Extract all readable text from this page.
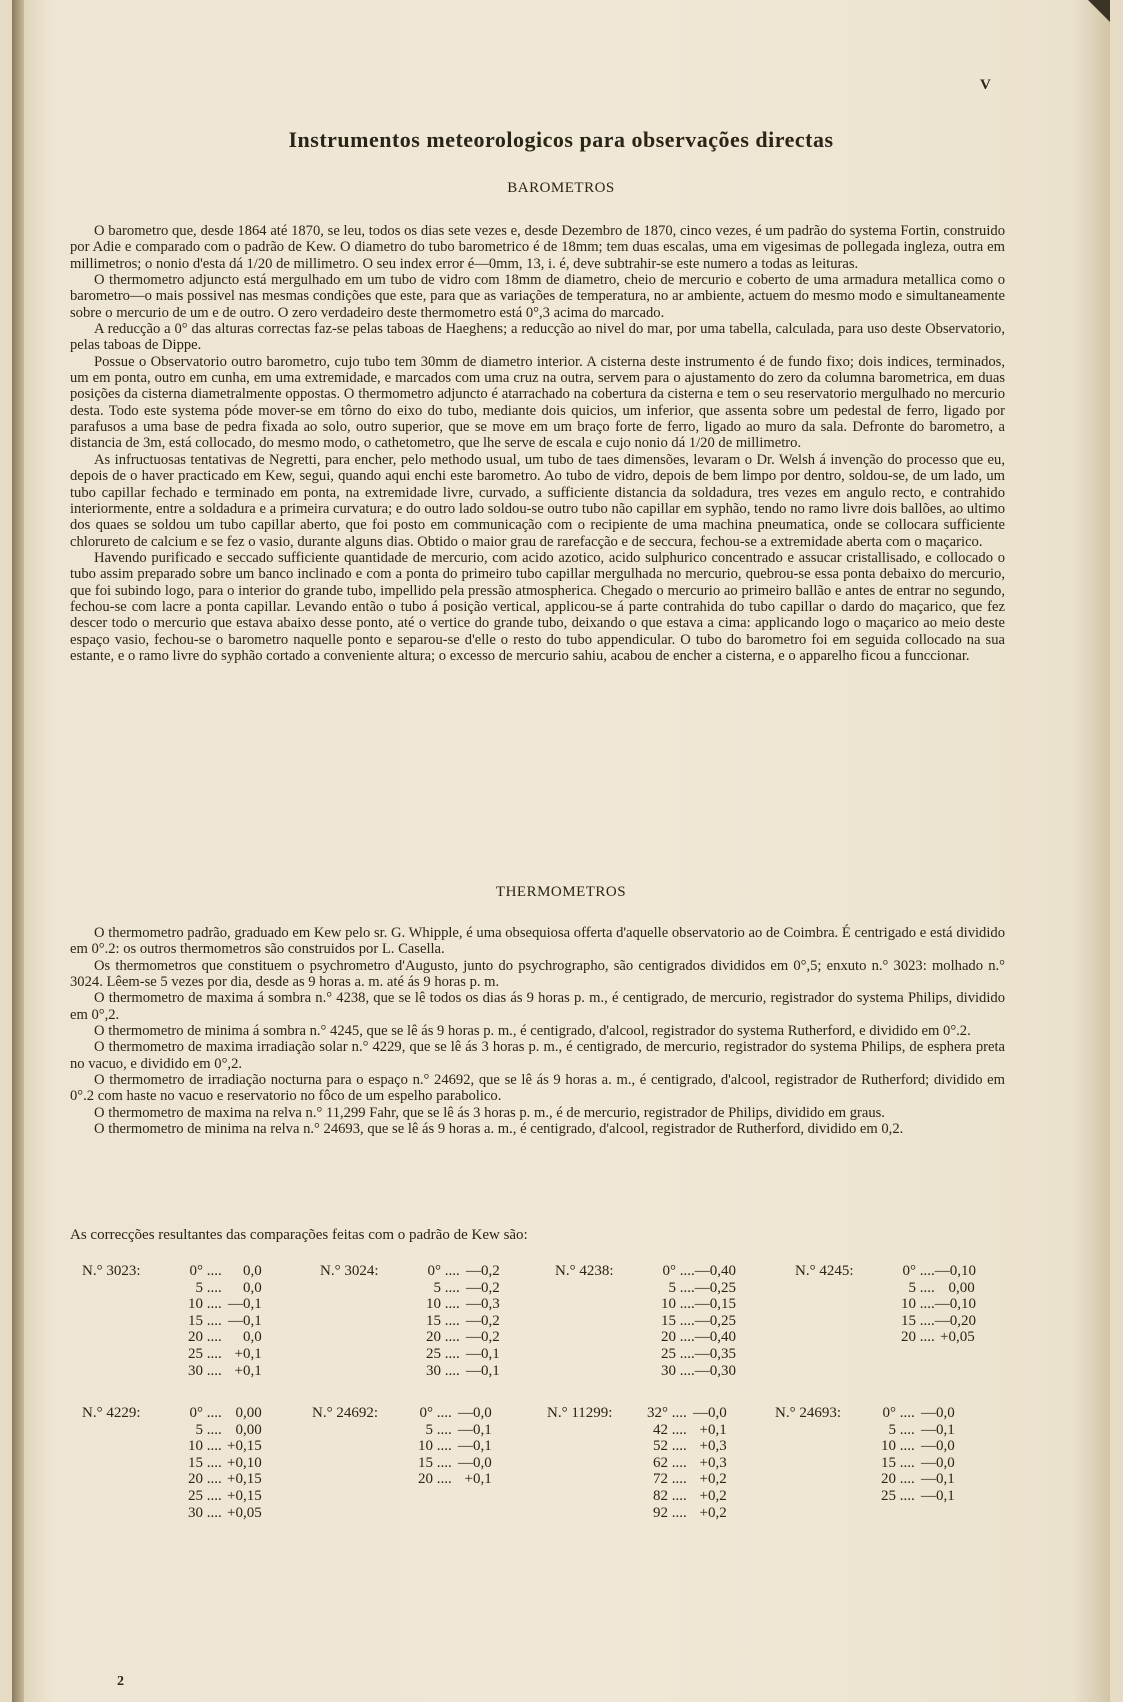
V
Instrumentos meteorologicos para observações directas
BAROMETROS

O barometro que, desde 1864 até 1870, se leu, todos os dias sete vezes e, desde Dezembro de 1870, cinco vezes, é um padrão do systema Fortin, construido por Adie e comparado com o padrão de Kew. O diametro do tubo barometrico é de 18mm; tem duas escalas, uma em vigesimas de pollegada ingleza, outra em millimetros; o nonio d'esta dá 1/20 de millimetro. O seu index error é—0mm, 13, i. é, deve subtrahir-se este numero a todas as leituras.

O thermometro adjuncto está mergulhado em um tubo de vidro com 18mm de diametro, cheio de mercurio e coberto de uma armadura metallica como o barometro—o mais possivel nas mesmas condições que este, para que as variações de temperatura, no ar ambiente, actuem do mesmo modo e simultaneamente sobre o mercurio de um e de outro. O zero verdadeiro deste thermometro está 0°,3 acima do marcado.

A reducção a 0° das alturas correctas faz-se pelas taboas de Haeghens; a reducção ao nivel do mar, por uma tabella, calculada, para uso deste Observatorio, pelas taboas de Dippe.

Possue o Observatorio outro barometro, cujo tubo tem 30mm de diametro interior. A cisterna deste instrumento é de fundo fixo; dois indices, terminados, um em ponta, outro em cunha, em uma extremidade, e marcados com uma cruz na outra, servem para o ajustamento do zero da columna barometrica, em duas posições da cisterna diametralmente oppostas. O thermometro adjuncto é atarrachado na cobertura da cisterna e tem o seu reservatorio mergulhado no mercurio desta. Todo este systema póde mover-se em tôrno do eixo do tubo, mediante dois quicios, um inferior, que assenta sobre um pedestal de ferro, ligado por parafusos a uma base de pedra fixada ao solo, outro superior, que se move em um braço forte de ferro, ligado ao muro da sala. Defronte do barometro, a distancia de 3m, está collocado, do mesmo modo, o cathetometro, que lhe serve de escala e cujo nonio dá 1/20 de millimetro.

As infructuosas tentativas de Negretti, para encher, pelo methodo usual, um tubo de taes dimensões, levaram o Dr. Welsh á invenção do processo que eu, depois de o haver practicado em Kew, segui, quando aqui enchi este barometro. Ao tubo de vidro, depois de bem limpo por dentro, soldou-se, de um lado, um tubo capillar fechado e terminado em ponta, na extremidade livre, curvado, a sufficiente distancia da soldadura, tres vezes em angulo recto, e contrahido interiormente, entre a soldadura e a primeira curvatura; e do outro lado soldou-se outro tubo não capillar em syphão, tendo no ramo livre dois ballões, ao ultimo dos quaes se soldou um tubo capillar aberto, que foi posto em communicação com o recipiente de uma machina pneumatica, onde se collocara sufficiente chlorureto de calcium e se fez o vasio, durante alguns dias. Obtido o maior grau de rarefacção e de seccura, fechou-se a extremidade aberta com o maçarico.

Havendo purificado e seccado sufficiente quantidade de mercurio, com acido azotico, acido sulphurico concentrado e assucar cristallisado, e collocado o tubo assim preparado sobre um banco inclinado e com a ponta do primeiro tubo capillar mergulhada no mercurio, quebrou-se essa ponta debaixo do mercurio, que foi subindo logo, para o interior do grande tubo, impellido pela pressão atmospherica. Chegado o mercurio ao primeiro ballão e antes de entrar no segundo, fechou-se com lacre a ponta capillar. Levando então o tubo á posição vertical, applicou-se á parte contrahida do tubo capillar o dardo do maçarico, que fez descer todo o mercurio que estava abaixo desse ponto, até o vertice do grande tubo, deixando o que estava a cima: applicando logo o maçarico ao meio deste espaço vasio, fechou-se o barometro naquelle ponto e separou-se d'elle o resto do tubo appendicular. O tubo do barometro foi em seguida collocado na sua estante, e o ramo livre do syphão cortado a conveniente altura; o excesso de mercurio sahiu, acabou de encher a cisterna, e o apparelho ficou a funccionar.

THERMOMETROS

O thermometro padrão, graduado em Kew pelo sr. G. Whipple, é uma obsequiosa offerta d'aquelle observatorio ao de Coimbra. É centrigado e está dividido em 0°.2: os outros thermometros são construidos por L. Casella.

Os thermometros que constituem o psychrometro d'Augusto, junto do psychrographo, são centigrados divididos em 0°,5; enxuto n.° 3023: molhado n.° 3024. Lêem-se 5 vezes por dia, desde as 9 horas a. m. até ás 9 horas p. m.

O thermometro de maxima á sombra n.° 4238, que se lê todos os dias ás 9 horas p. m., é centigrado, de mercurio, registrador do systema Philips, dividido em 0°,2.

O thermometro de minima á sombra n.° 4245, que se lê ás 9 horas p. m., é centigrado, d'alcool, registrador do systema Rutherford, e dividido em 0°.2.

O thermometro de maxima irradiação solar n.° 4229, que se lê ás 3 horas p. m., é centigrado, de mercurio, registrador do systema Philips, de esphera preta no vacuo, e dividido em 0°,2.

O thermometro de irradiação nocturna para o espaço n.° 24692, que se lê ás 9 horas a. m., é centigrado, d'alcool, registrador de Rutherford; dividido em 0°.2 com haste no vacuo e reservatorio no fôco de um espelho parabolico.

O thermometro de maxima na relva n.° 11,299 Fahr, que se lê ás 3 horas p. m., é de mercurio, registrador de Philips, dividido em graus.

O thermometro de minima na relva n.° 24693, que se lê ás 9 horas a. m., é centigrado, d'alcool, registrador de Rutherford, dividido em 0,2.

As correcções resultantes das comparações feitas com o padrão de Kew são:
N.° 3023:	0° .... 0,0
5 .... 0,0
10 .... —0,1
15 .... —0,1
20 .... 0,0
25 .... +0,1
30 .... +0,1
N.° 3024:	0° .... —0,2
5 .... —0,2
10 .... —0,3
15 .... —0,2
20 .... —0,2
25 .... —0,1
30 .... —0,1
N.° 4238:	0° ....—0,40
5 ....—0,25
10 ....—0,15
15 ....—0,25
20 ....—0,40
25 ....—0,35
30 ....—0,30
N.° 4245:	0° ....—0,10
5 .... 0,00
10 ....—0,10
15 ....—0,20
20 .... +0,05
N.° 4229:	0° .... 0,00
5 .... 0,00
10 .... +0,15
15 .... +0,10
20 .... +0,15
25 .... +0,15
30 .... +0,05
N.° 24692:	0° .... —0,0
5 .... —0,1
10 .... —0,1
15 .... —0,0
20 .... +0,1
N.° 11299: 32° .... —0,0
42 .... +0,1
52 .... +0,3
62 .... +0,3
72 .... +0,2
82 .... +0,2
92 .... +0,2
N.° 24693:	0° .... —0,0
5 .... —0,1
10 .... —0,0
15 .... —0,0
20 .... —0,1
25 .... —0,1
2
